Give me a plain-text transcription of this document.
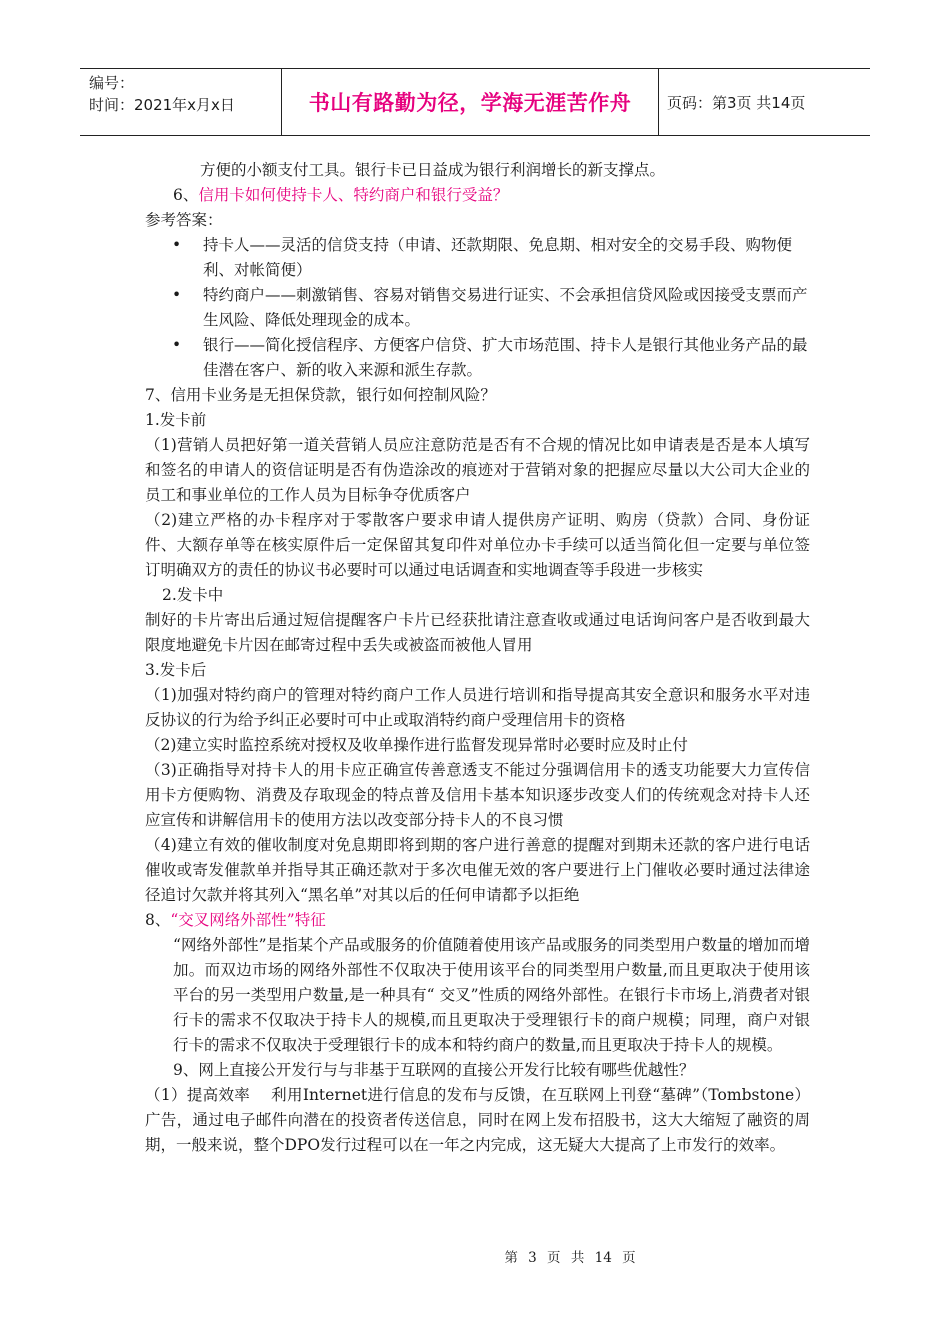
编号：
时间：2021年x月x日	书山有路勤为径，学海无涯苦作舟	页码：第3页 共14页

方便的小额支付工具。银行卡已日益成为银行利润增长的新支撑点。

6、信用卡如何使持卡人、特约商户和银行受益？

参考答案：

•	持卡人——灵活的信贷支持（申请、还款期限、免息期、相对安全的交易手段、购物便利、对帐简便）
•	特约商户——刺激销售、容易对销售交易进行证实、不会承担信贷风险或因接受支票而产生风险、降低处理现金的成本。
•	银行——简化授信程序、方便客户信贷、扩大市场范围、持卡人是银行其他业务产品的最佳潜在客户、新的收入来源和派生存款。

7、信用卡业务是无担保贷款，银行如何控制风险？

1.发卡前

（1)营销人员把好第一道关营销人员应注意防范是否有不合规的情况比如申请表是否是本人填写和签名的申请人的资信证明是否有伪造涂改的痕迹对于营销对象的把握应尽量以大公司大企业的员工和事业单位的工作人员为目标争夺优质客户

（2)建立严格的办卡程序对于零散客户要求申请人提供房产证明、购房（贷款）合同、身份证件、大额存单等在核实原件后一定保留其复印件对单位办卡手续可以适当简化但一定要与单位签订明确双方的责任的协议书必要时可以通过电话调查和实地调查等手段进一步核实

2.发卡中

制好的卡片寄出后通过短信提醒客户卡片已经获批请注意查收或通过电话询问客户是否收到最大限度地避免卡片因在邮寄过程中丢失或被盗而被他人冒用

3.发卡后

（1)加强对特约商户的管理对特约商户工作人员进行培训和指导提高其安全意识和服务水平对违反协议的行为给予纠正必要时可中止或取消特约商户受理信用卡的资格

（2)建立实时监控系统对授权及收单操作进行监督发现异常时必要时应及时止付

（3)正确指导对持卡人的用卡应正确宣传善意透支不能过分强调信用卡的透支功能要大力宣传信用卡方便购物、消费及存取现金的特点普及信用卡基本知识逐步改变人们的传统观念对持卡人还应宣传和讲解信用卡的使用方法以改变部分持卡人的不良习惯

（4)建立有效的催收制度对免息期即将到期的客户进行善意的提醒对到期未还款的客户进行电话催收或寄发催款单并指导其正确还款对于多次电催无效的客户要进行上门催收必要时通过法律途径追讨欠款并将其列入“黑名单”对其以后的任何申请都予以拒绝

8、“交叉网络外部性”特征

“网络外部性”是指某个产品或服务的价值随着使用该产品或服务的同类型用户数量的增加而增加。而双边市场的网络外部性不仅取决于使用该平台的同类型用户数量,而且更取决于使用该平台的另一类型用户数量,是一种具有“ 交叉”性质的网络外部性。在银行卡市场上,消费者对银行卡的需求不仅取决于持卡人的规模,而且更取决于受理银行卡的商户规模；同理，商户对银行卡的需求不仅取决于受理银行卡的成本和特约商户的数量,而且更取决于持卡人的规模。

9、网上直接公开发行与与非基于互联网的直接公开发行比较有哪些优越性？

（1）提高效率　 利用Internet进行信息的发布与反馈，在互联网上刊登“墓碑”（Tombstone）广告，通过电子邮件向潜在的投资者传送信息，同时在网上发布招股书，这大大缩短了融资的周期，一般来说，整个DPO发行过程可以在一年之内完成，这无疑大大提高了上市发行的效率。

第 3 页 共 14 页
